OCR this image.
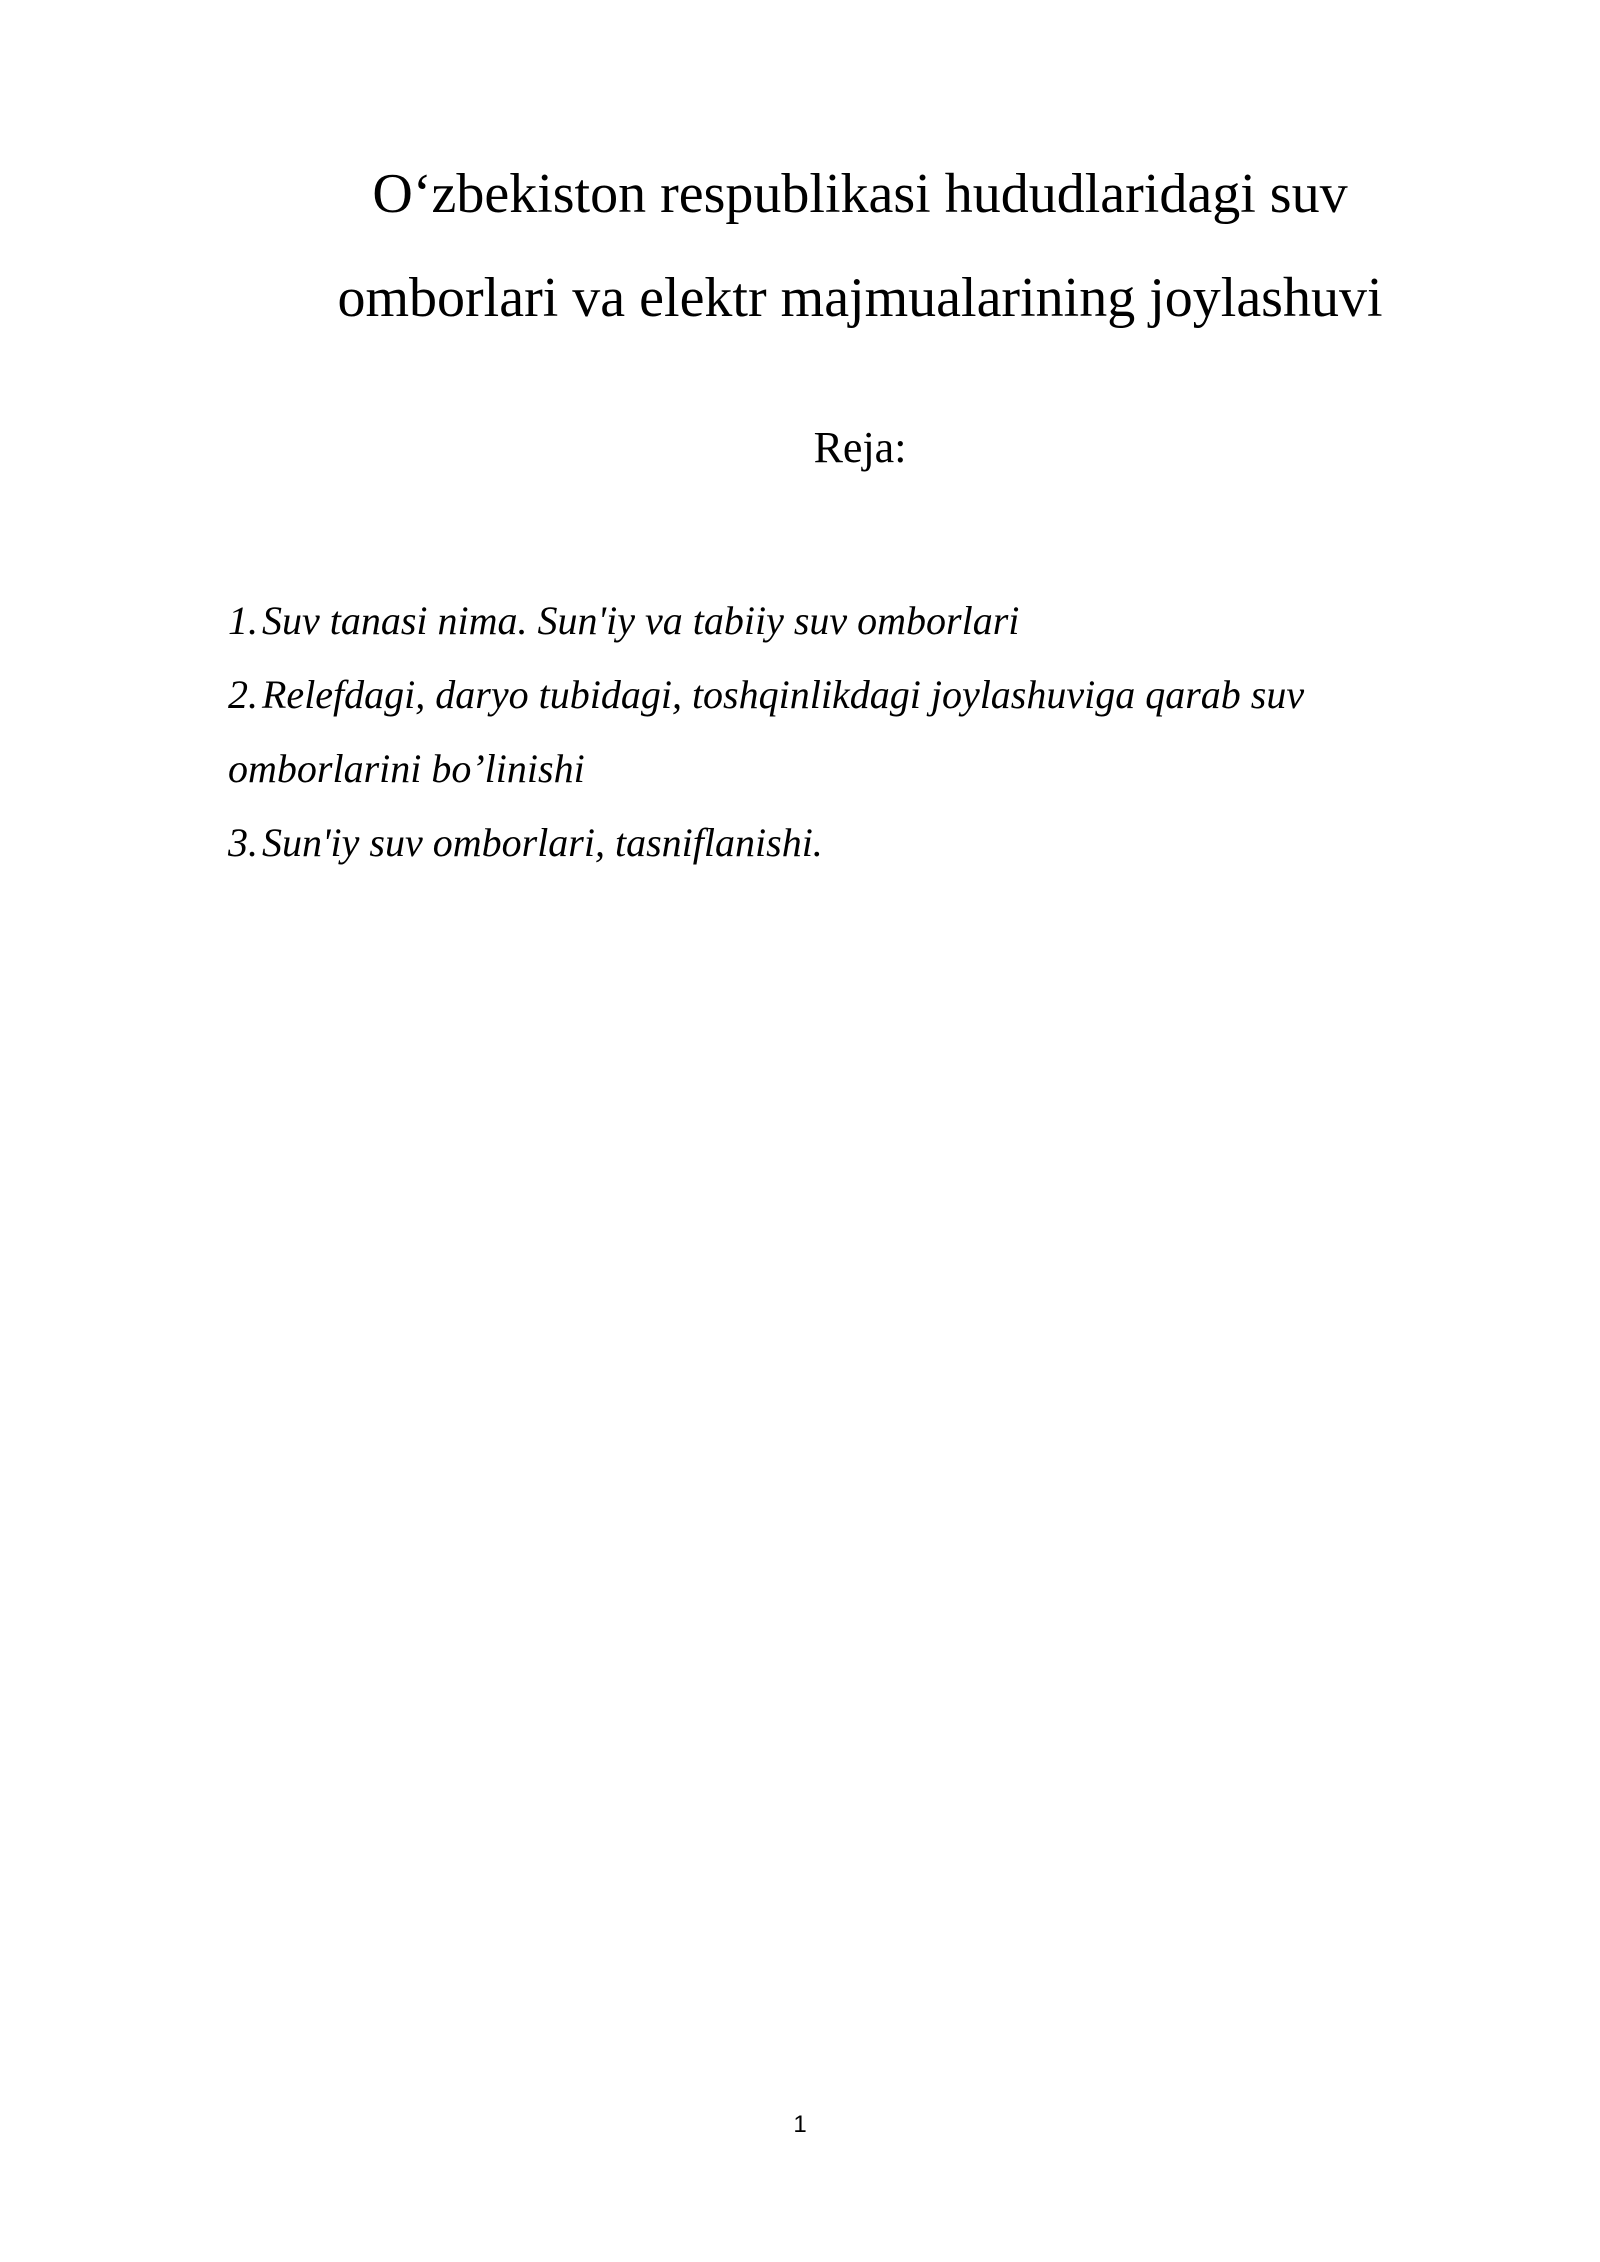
O‘zbekiston respublikasi hududlaridagi suv
omborlari va elektr majmualarining joylashuvi
Reja:
1. Suv tanasi nima. Sun'iy va tabiiy suv omborlari
2. Relefdagi, daryo tubidagi, toshqinlikdagi joylashuviga qarab suv
omborlarini bo’linishi
3. Sun'iy suv omborlari, tasniflanishi.
1
